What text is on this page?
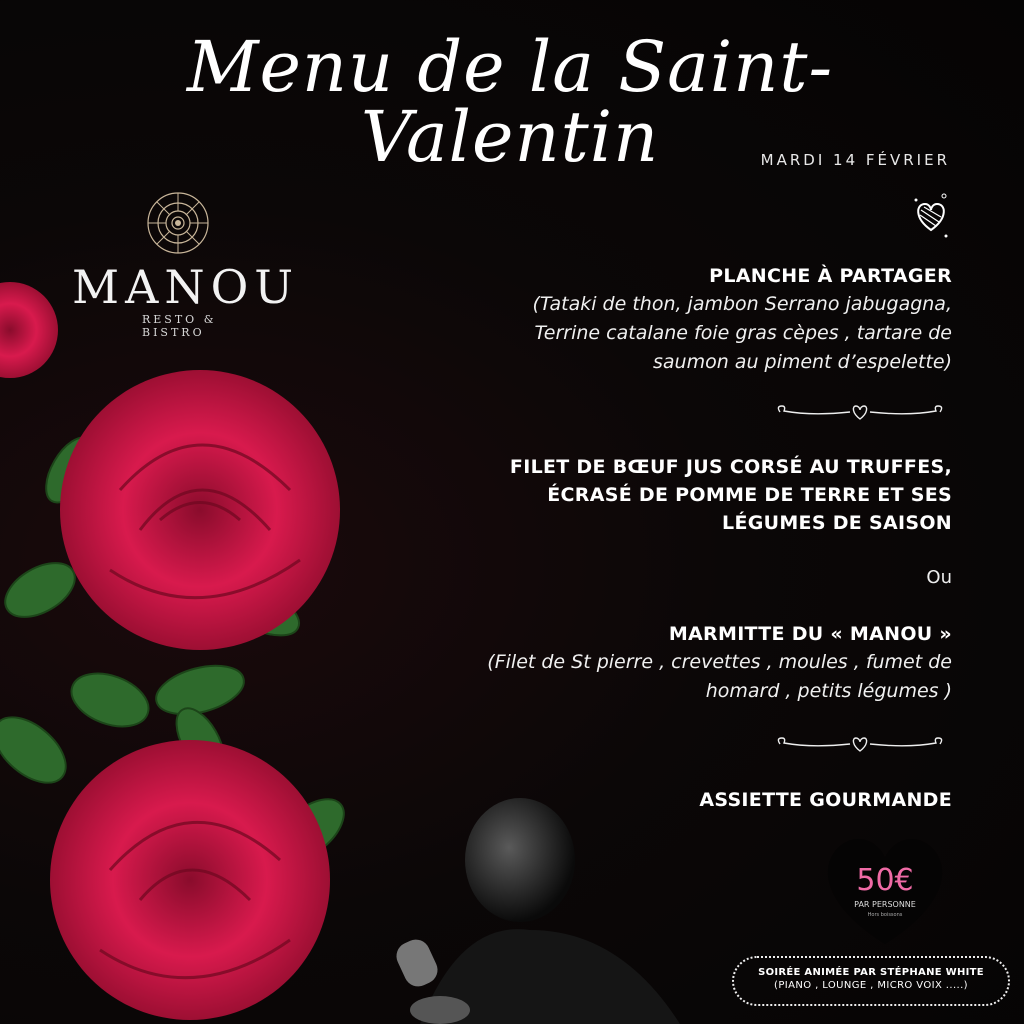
Menu de la Saint-Valentin	MARDI 14 FÉVRIER
MANOU
RESTO & BISTRO
PLANCHE À PARTAGER
(Tataki de thon, jambon Serrano jabugagna,
Terrine catalane foie gras cèpes , tartare de
saumon au piment d’espelette)
FILET DE BŒUF JUS CORSÉ AU TRUFFES,
ÉCRASÉ DE POMME DE TERRE ET SES
LÉGUMES DE SAISON
Ou
MARMITTE DU « MANOU »
(Filet de St pierre , crevettes , moules , fumet de
homard , petits légumes )
ASSIETTE GOURMANDE
50€
PAR PERSONNE
Hors boissons
SOIRÉE ANIMÉE PAR STÉPHANE WHITE
(PIANO , LOUNGE , MICRO VOIX .....)
